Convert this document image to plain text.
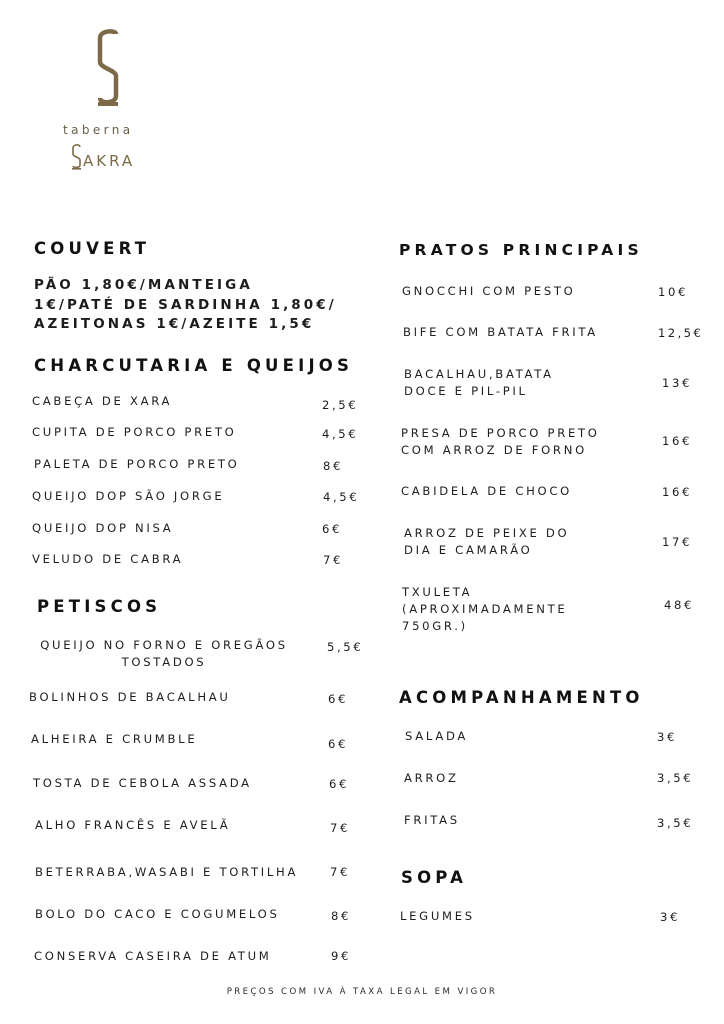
taberna
AKRA
COUVERT
PÃO 1,80€/MANTEIGA
1€/PATÉ DE SARDINHA 1,80€/
AZEITONAS 1€/AZEITE 1,5€
CHARCUTARIA E QUEIJOS
CABEÇA DE XARA	2,5€
CUPITA DE PORCO PRETO	4,5€
PALETA DE PORCO PRETO	8€
QUEIJO DOP SÃO JORGE	4,5€
QUEIJO DOP NISA	6€
VELUDO DE CABRA	7€
PETISCOS
QUEIJO NO FORNO E OREGÃOS
TOSTADOS
5,5€
BOLINHOS DE BACALHAU	6€
ALHEIRA E CRUMBLE	6€
TOSTA DE CEBOLA ASSADA	6€
ALHO FRANCÊS E AVELÃ	7€
BETERRABA,WASABI E TORTILHA	7€
BOLO DO CACO E COGUMELOS	8€
CONSERVA CASEIRA DE ATUM	9€
PRATOS PRINCIPAIS
GNOCCHI COM PESTO	10€
BIFE COM BATATA FRITA	12,5€
BACALHAU,BATATA
DOCE E PIL-PIL
13€
PRESA DE PORCO PRETO
COM ARROZ DE FORNO
16€
CABIDELA DE CHOCO	16€
ARROZ DE PEIXE DO
DIA E CAMARÃO
17€
TXULETA
(APROXIMADAMENTE
750GR.)
48€
ACOMPANHAMENTO
SALADA	3€
ARROZ	3,5€
FRITAS	3,5€
SOPA
LEGUMES	3€
PREÇOS COM IVA À TAXA LEGAL EM VIGOR
